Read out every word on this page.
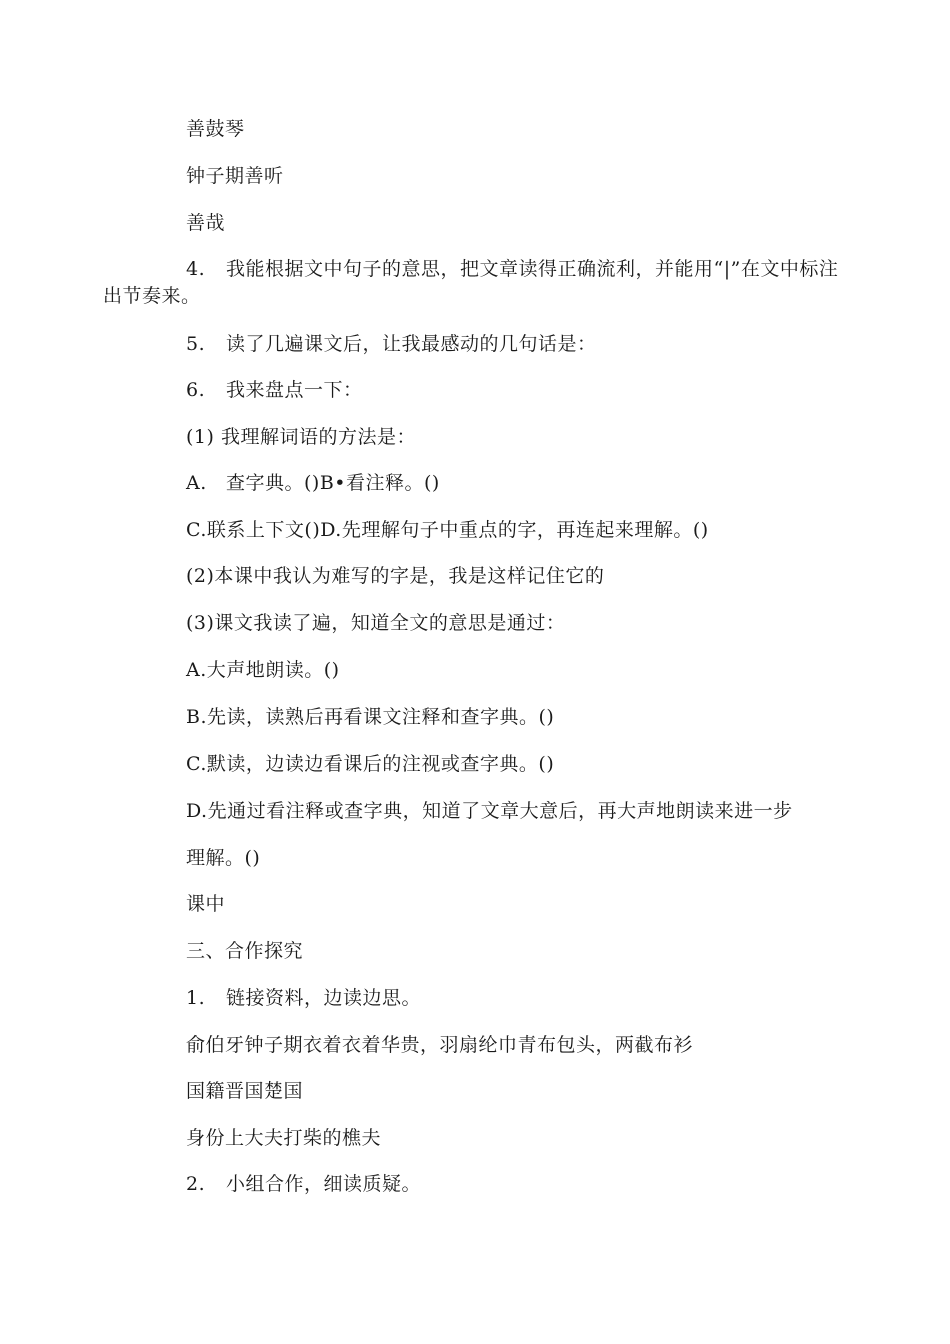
善鼓琴
钟子期善听
善哉
4. 我能根据文中句子的意思，把文章读得正确流利，并能用“|”在文中标注出节奏来。
5. 读了几遍课文后，让我最感动的几句话是：
6. 我来盘点一下：
(1) 我理解词语的方法是：
A. 查字典。()B•看注释。()
C.联系上下文()D.先理解句子中重点的字，再连起来理解。()
(2)本课中我认为难写的字是，我是这样记住它的
(3)课文我读了遍，知道全文的意思是通过：
A.大声地朗读。()
B.先读，读熟后再看课文注释和查字典。()
C.默读，边读边看课后的注视或查字典。()
D.先通过看注释或查字典，知道了文章大意后，再大声地朗读来进一步
理解。()
课中
三、合作探究
1. 链接资料，边读边思。
俞伯牙钟子期衣着衣着华贵，羽扇纶巾青布包头，两截布衫
国籍晋国楚国
身份上大夫打柴的樵夫
2. 小组合作，细读质疑。
